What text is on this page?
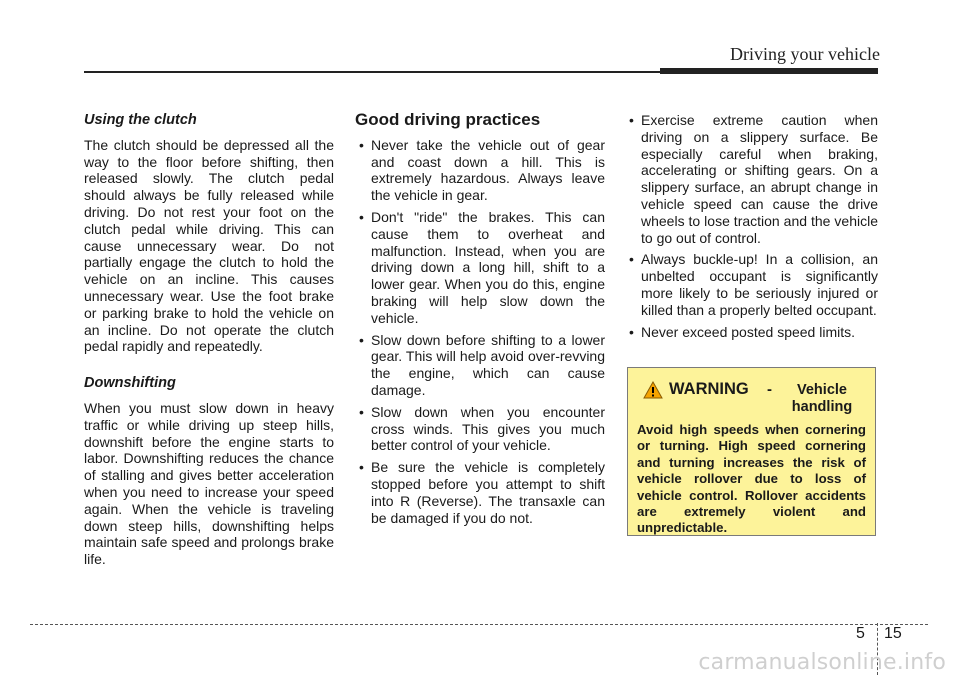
Driving your vehicle
Using the clutch

The clutch should be depressed all the way to the floor before shifting, then released slowly. The clutch pedal should always be fully released while driving. Do not rest your foot on the clutch pedal while driving. This can cause unnecessary wear. Do not partially engage the clutch to hold the vehicle on an incline. This causes unnecessary wear. Use the foot brake or parking brake to hold the vehicle on an incline. Do not operate the clutch pedal rapidly and repeatedly.

Downshifting

When you must slow down in heavy traffic or while driving up steep hills, downshift before the engine starts to labor. Downshifting reduces the chance of stalling and gives better acceleration when you need to increase your speed again. When the vehicle is traveling down steep hills, downshifting helps maintain safe speed and prolongs brake life.

Good driving practices
• Never take the vehicle out of gear and coast down a hill. This is extremely hazardous. Always leave the vehicle in gear.
• Don't "ride" the brakes. This can cause them to overheat and malfunction. Instead, when you are driving down a long hill, shift to a lower gear. When you do this, engine braking will help slow down the vehicle.
• Slow down before shifting to a lower gear. This will help avoid over-revving the engine, which can cause damage.
• Slow down when you encounter cross winds. This gives you much better control of your vehicle.
• Be sure the vehicle is completely stopped before you attempt to shift into R (Reverse). The transaxle can be damaged if you do not.
• Exercise extreme caution when driving on a slippery surface. Be especially careful when braking, accelerating or shifting gears. On a slippery surface, an abrupt change in vehicle speed can cause the drive wheels to lose traction and the vehicle to go out of control.
• Always buckle-up! In a collision, an unbelted occupant is significantly more likely to be seriously injured or killed than a properly belted occupant.
• Never exceed posted speed limits.
WARNING -	Vehicle handling
Avoid high speeds when cornering or turning. High speed cornering and turning increases the risk of vehicle rollover due to loss of vehicle control. Rollover accidents are extremely violent and unpredictable.
5 15
carmanualsonline.info
